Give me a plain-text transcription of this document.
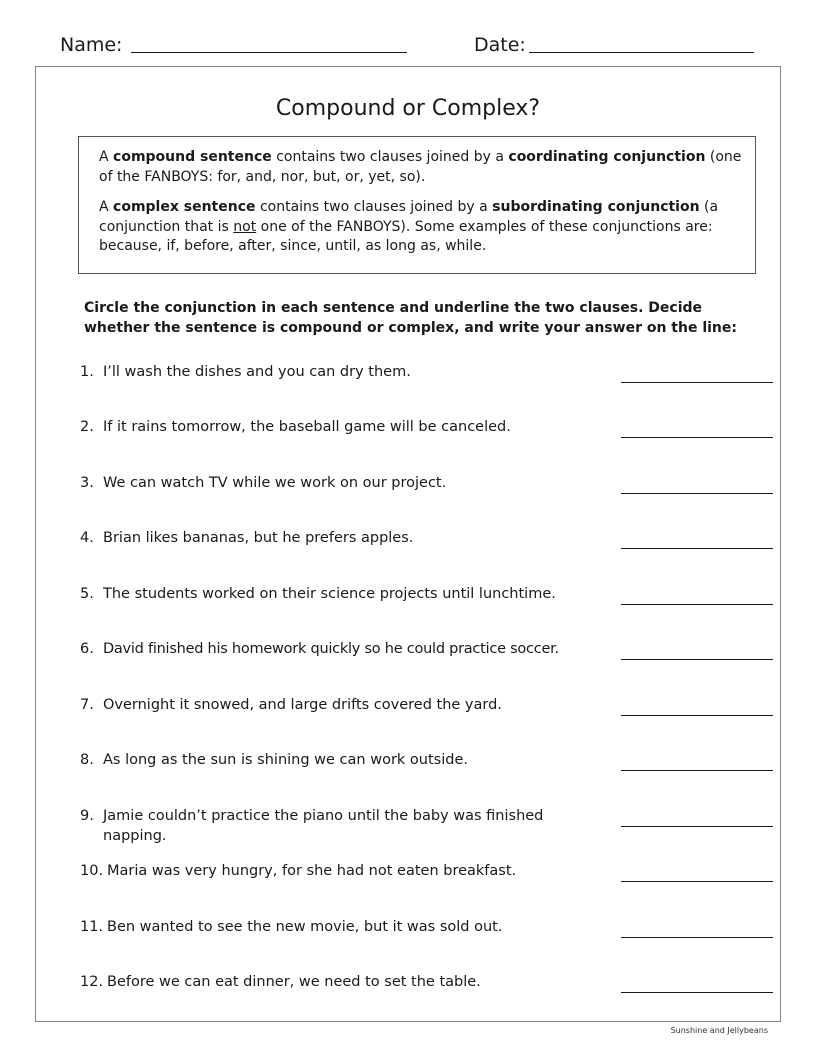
Name:	Date:
Compound or Complex?

A compound sentence contains two clauses joined by a coordinating conjunction (one of the FANBOYS: for, and, nor, but, or, yet, so).

A complex sentence contains two clauses joined by a subordinating conjunction (a conjunction that is not one of the FANBOYS). Some examples of these conjunctions are: because, if, before, after, since, until, as long as, while.

Circle the conjunction in each sentence and underline the two clauses. Decide whether the sentence is compound or complex, and write your answer on the line:
1. I’ll wash the dishes and you can dry them.
2. If it rains tomorrow, the baseball game will be canceled.
3. We can watch TV while we work on our project.
4. Brian likes bananas, but he prefers apples.
5. The students worked on their science projects until lunchtime.
6. David finished his homework quickly so he could practice soccer.
7. Overnight it snowed, and large drifts covered the yard.
8. As long as the sun is shining we can work outside.
9. Jamie couldn’t practice the piano until the baby was finished napping.
10. Maria was very hungry, for she had not eaten breakfast.
11. Ben wanted to see the new movie, but it was sold out.
12. Before we can eat dinner, we need to set the table.
Sunshine and Jellybeans
